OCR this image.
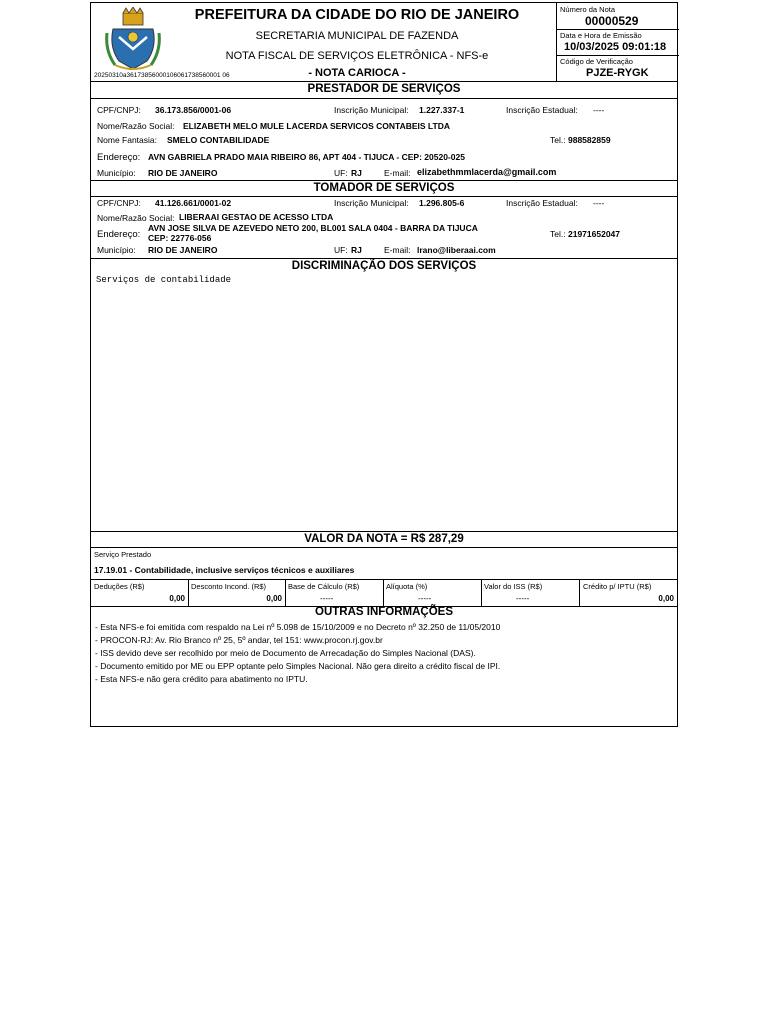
20250310a36173856000106061738560001 06
PREFEITURA DA CIDADE DO RIO DE JANEIRO
SECRETARIA MUNICIPAL DE FAZENDA
NOTA FISCAL DE SERVIÇOS ELETRÔNICA - NFS-e
- NOTA CARIOCA -
Número da Nota
00000529
Data e Hora de Emissão
10/03/2025 09:01:18
Código de Verificação
PJZE-RYGK
PRESTADOR DE SERVIÇOS
CPF/CNPJ: 36.173.856/0001-06	Inscrição Municipal: 1.227.337-1	Inscrição Estadual: ----
Nome/Razão Social: ELIZABETH MELO MULE LACERDA SERVICOS CONTABEIS LTDA
Nome Fantasia: SMELO CONTABILIDADE	Tel.: 988582859
Endereço: AVN GABRIELA PRADO MAIA RIBEIRO 86, APT 404 - TIJUCA - CEP: 20520-025
Município: RIO DE JANEIRO	UF: RJ	E-mail: elizabethmmlacerda@gmail.com
TOMADOR DE SERVIÇOS
CPF/CNPJ: 41.126.661/0001-02	Inscrição Municipal: 1.296.805-6	Inscrição Estadual: ----
Nome/Razão Social: LIBERAAI GESTAO DE ACESSO LTDA
Endereço:
AVN JOSE SILVA DE AZEVEDO NETO 200, BL001 SALA 0404 - BARRA DA TIJUCA
CEP: 22776-056	Tel.: 21971652047
Município: RIO DE JANEIRO	UF: RJ	E-mail: lrano@liberaai.com
DISCRIMINAÇÃO DOS SERVIÇOS
Serviços de contabilidade
VALOR DA NOTA = R$ 287,29
Serviço Prestado
17.19.01 - Contabilidade, inclusive serviços técnicos e auxiliares
Deduções (R$)
0,00
Desconto Incond. (R$)
0,00
Base de Cálculo (R$)
-----
Alíquota (%)
-----
Valor do ISS (R$)
-----
Crédito p/ IPTU (R$)
0,00
OUTRAS INFORMAÇÕES
- Esta NFS-e foi emitida com respaldo na Lei nº 5.098 de 15/10/2009 e no Decreto nº 32.250 de 11/05/2010
- PROCON-RJ: Av. Rio Branco nº 25, 5º andar, tel 151: www.procon.rj.gov.br
- ISS devido deve ser recolhido por meio de Documento de Arrecadação do Simples Nacional (DAS).
- Documento emitido por ME ou EPP optante pelo Simples Nacional. Não gera direito a crédito fiscal de IPI.
- Esta NFS-e não gera crédito para abatimento no IPTU.
